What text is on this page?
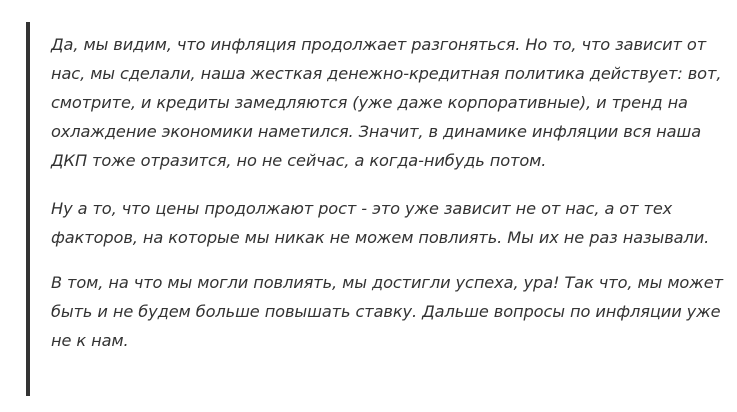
Да, мы видим, что инфляция продолжает разгоняться. Но то, что зависит от нас, мы сделали, наша жесткая денежно-кредитная политика действует: вот, смотрите, и кредиты замедляются (уже даже корпоративные), и тренд на охлаждение экономики наметился. Значит, в динамике инфляции вся наша ДКП тоже отразится, но не сейчас, а когда-нибудь потом.

Ну а то, что цены продолжают рост - это уже зависит не от нас, а от тех факторов, на которые мы никак не можем повлиять. Мы их не раз называли.

В том, на что мы могли повлиять, мы достигли успеха, ура! Так что, мы может быть и не будем больше повышать ставку. Дальше вопросы по инфляции уже не к нам.
